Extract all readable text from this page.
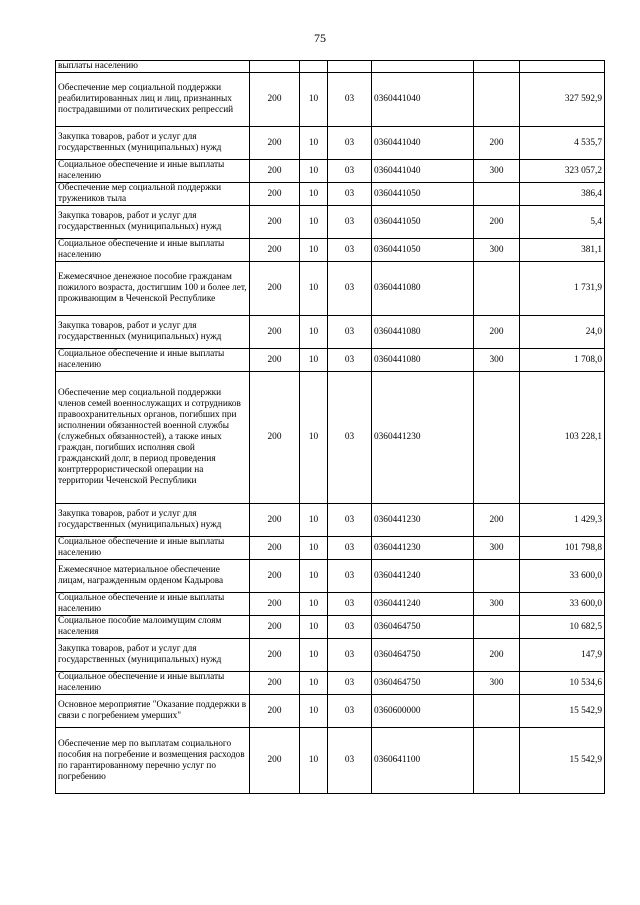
75
выплаты населению						
Обеспечение мер социальной поддержки реабилитированных лиц и лиц, признанных пострадавшими от политических репрессий	200	10	03	0360441040		327 592,9
Закупка товаров, работ и услуг для государственных (муниципальных) нужд	200	10	03	0360441040	200	4 535,7
Социальное обеспечение и иные выплаты населению	200	10	03	0360441040	300	323 057,2
Обеспечение мер социальной поддержки тружеников тыла	200	10	03	0360441050		386,4
Закупка товаров, работ и услуг для государственных (муниципальных) нужд	200	10	03	0360441050	200	5,4
Социальное обеспечение и иные выплаты населению	200	10	03	0360441050	300	381,1
Ежемесячное денежное пособие гражданам пожилого возраста, достигшим 100 и более лет, проживающим в Чеченской Республике	200	10	03	0360441080		1 731,9
Закупка товаров, работ и услуг для государственных (муниципальных) нужд	200	10	03	0360441080	200	24,0
Социальное обеспечение и иные выплаты населению	200	10	03	0360441080	300	1 708,0
Обеспечение мер социальной поддержки членов семей военнослужащих и сотрудников правоохранительных органов, погибших при исполнении обязанностей военной службы (служебных обязанностей), а также иных граждан, погибших исполняя свой гражданский долг, в период проведения контртеррористической операции на территории Чеченской Республики	200	10	03	0360441230		103 228,1
Закупка товаров, работ и услуг для государственных (муниципальных) нужд	200	10	03	0360441230	200	1 429,3
Социальное обеспечение и иные выплаты населению	200	10	03	0360441230	300	101 798,8
Ежемесячное материальное обеспечение лицам, награжденным орденом Кадырова	200	10	03	0360441240		33 600,0
Социальное обеспечение и иные выплаты населению	200	10	03	0360441240	300	33 600,0
Социальное пособие малоимущим слоям населения	200	10	03	0360464750		10 682,5
Закупка товаров, работ и услуг для государственных (муниципальных) нужд	200	10	03	0360464750	200	147,9
Социальное обеспечение и иные выплаты населению	200	10	03	0360464750	300	10 534,6
Основное мероприятие "Оказание поддержки в связи с погребением умерших"	200	10	03	0360600000		15 542,9
Обеспечение мер по выплатам социального пособия на погребение и возмещения расходов по гарантированному перечню услуг по погребению	200	10	03	0360641100		15 542,9
